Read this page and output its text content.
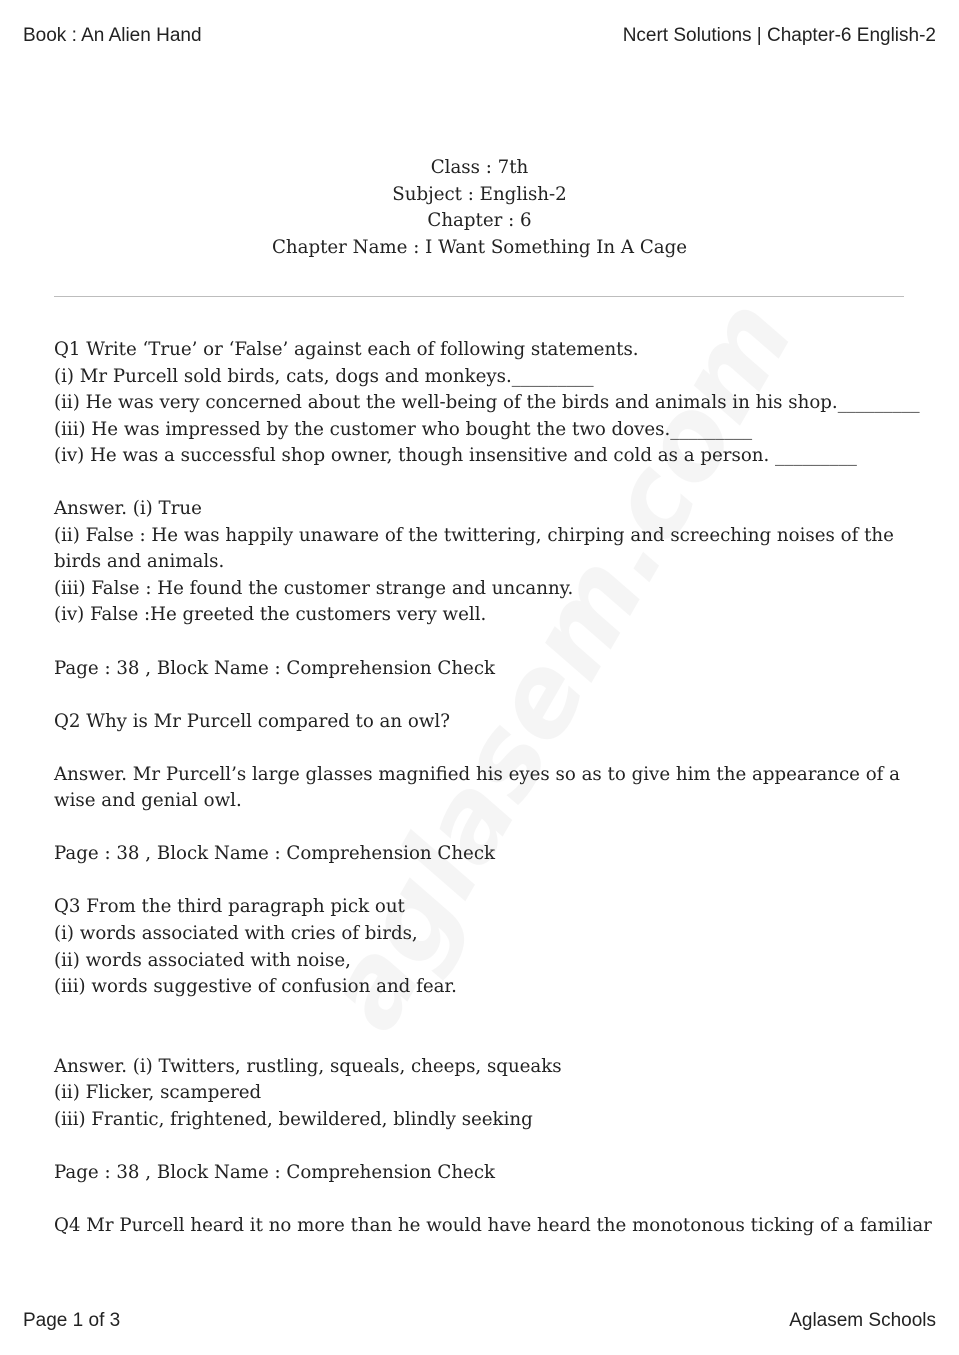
Book : An Alien Hand	Ncert Solutions | Chapter-6 English-2
Class : 7th
Subject : English-2
Chapter : 6
Chapter Name : I Want Something In A Cage
Q1 Write ‘True’ or ‘False’ against each of following statements.
(i) Mr Purcell sold birds, cats, dogs and monkeys._________
(ii) He was very concerned about the well-being of the birds and animals in his shop._________
(iii) He was impressed by the customer who bought the two doves._________
(iv) He was a successful shop owner, though insensitive and cold as a person. _________
Answer. (i) True
(ii) False : He was happily unaware of the twittering, chirping and screeching noises of the birds and animals.
(iii) False : He found the customer strange and uncanny.
(iv) False :He greeted the customers very well.
Page : 38 , Block Name : Comprehension Check
Q2 Why is Mr Purcell compared to an owl?
Answer. Mr Purcell’s large glasses magnified his eyes so as to give him the appearance of a wise and genial owl.
Page : 38 , Block Name : Comprehension Check
Q3 From the third paragraph pick out
(i) words associated with cries of birds,
(ii) words associated with noise,
(iii) words suggestive of confusion and fear.
Answer. (i) Twitters, rustling, squeals, cheeps, squeaks
(ii) Flicker, scampered
(iii) Frantic, frightened, bewildered, blindly seeking
Page : 38 , Block Name : Comprehension Check
Q4 Mr Purcell heard it no more than he would have heard the monotonous ticking of a familiar
Page 1 of 3	Aglasem Schools
